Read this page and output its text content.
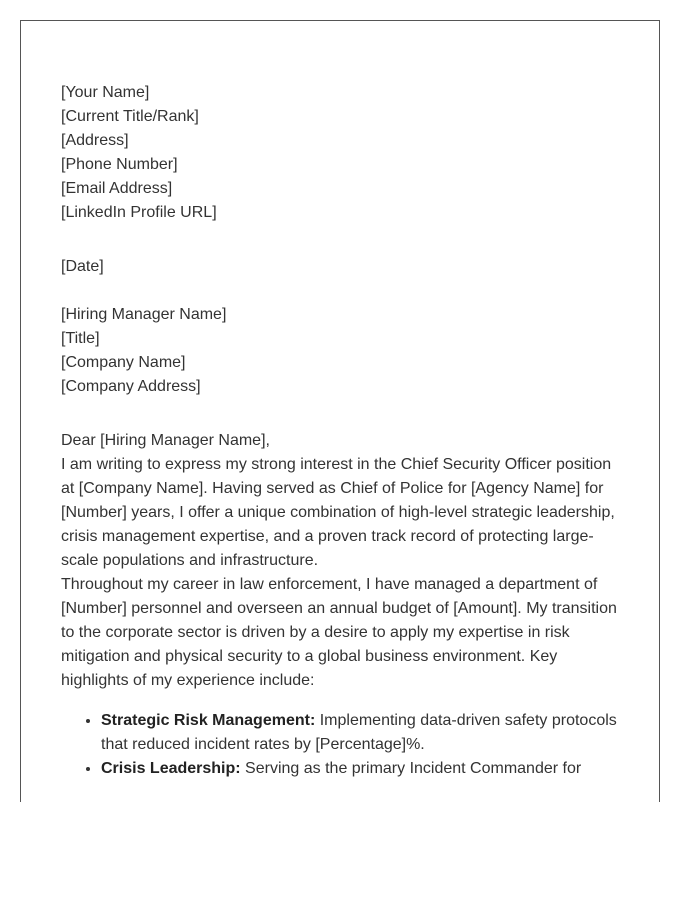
[Your Name]
[Current Title/Rank]
[Address]
[Phone Number]
[Email Address]
[LinkedIn Profile URL]
[Date]
[Hiring Manager Name]
[Title]
[Company Name]
[Company Address]
Dear [Hiring Manager Name],

I am writing to express my strong interest in the Chief Security Officer position at [Company Name]. Having served as Chief of Police for [Agency Name] for [Number] years, I offer a unique combination of high-level strategic leadership, crisis management expertise, and a proven track record of protecting large-scale populations and infrastructure.

Throughout my career in law enforcement, I have managed a department of [Number] personnel and overseen an annual budget of [Amount]. My transition to the corporate sector is driven by a desire to apply my expertise in risk mitigation and physical security to a global business environment. Key highlights of my experience include:

• Strategic Risk Management: Implementing data-driven safety protocols that reduced incident rates by [Percentage]%.
• Crisis Leadership: Serving as the primary Incident Commander for
